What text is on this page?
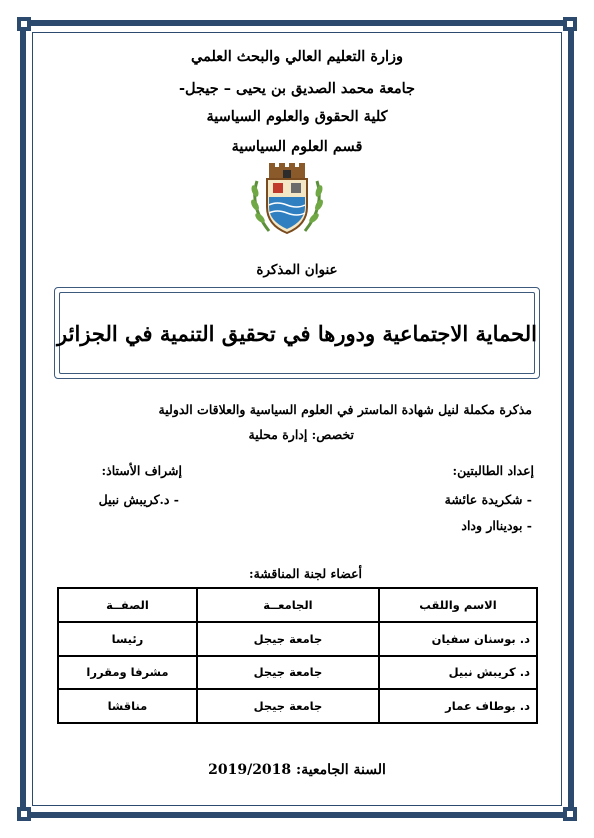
وزارة التعليم العالي والبحث العلمي
جامعة محمد الصديق بن يحيى – جيجل-
كلية الحقوق والعلوم السياسية
قسم العلوم السياسية
عنوان المذكرة
الحماية الاجتماعية ودورها في تحقيق التنمية في الجزائر
مذكرة مكملة لنيل شهادة الماستر في العلوم السياسية والعلاقات الدولية
تخصص: إدارة محلية
إعداد الطالبتين:
- شكريدة عائشة
- بوديناار وداد
إشراف الأستاذ:
- د.كريبش نبيل
أعضاء لجنة المناقشة:
الاسم واللقب	الجامعــة	الصفــة
د. بوسنان سفيان	جامعة جيجل	رئيسا
د. كريبش نبيل	جامعة جيجل	مشرفا ومقررا
د. بوطاف عمار	جامعة جيجل	مناقشا
السنة الجامعية: 2019/2018
